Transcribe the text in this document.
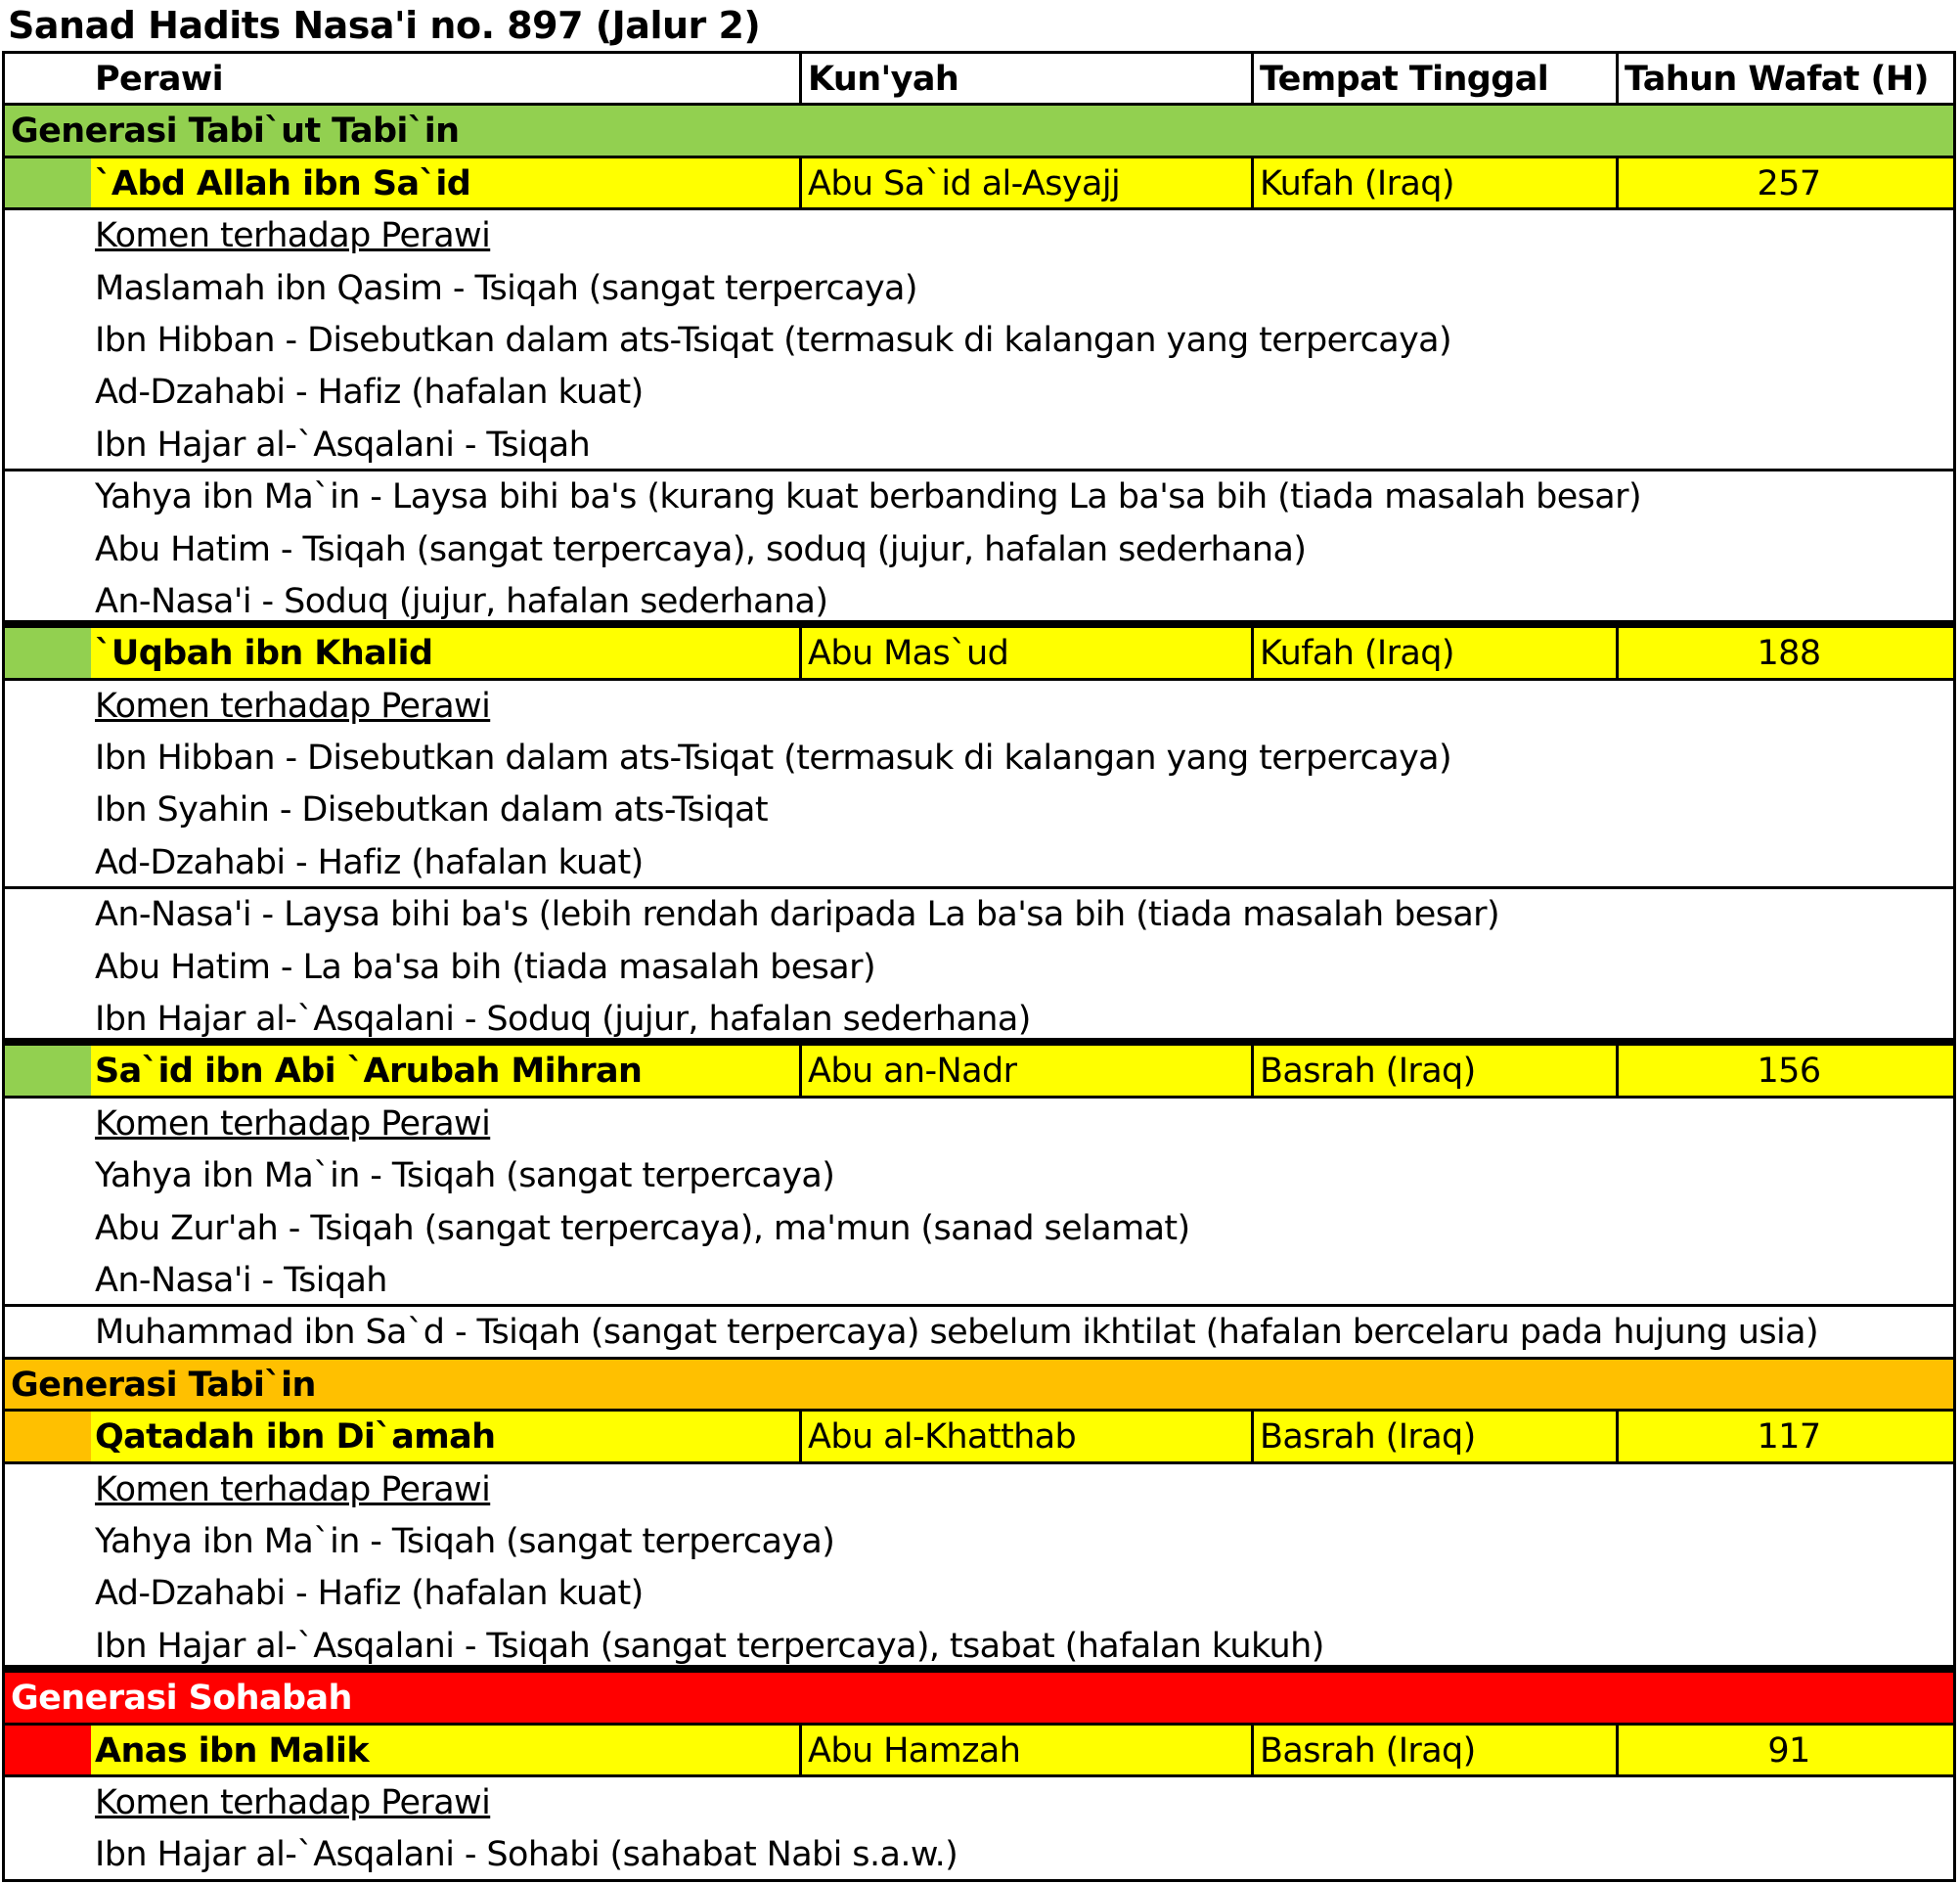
Sanad Hadits Nasa'i no. 897 (Jalur 2)
Perawi	Kun'yah	Tempat Tinggal	Tahun Wafat (H)
Generasi Tabi`ut Tabi`in
`Abd Allah ibn Sa`id	Abu Sa`id al-Asyajj	Kufah (Iraq)	257
Komen terhadap Perawi
Maslamah ibn Qasim - Tsiqah (sangat terpercaya)
Ibn Hibban - Disebutkan dalam ats-Tsiqat (termasuk di kalangan yang terpercaya)
Ad-Dzahabi - Hafiz (hafalan kuat)
Ibn Hajar al-`Asqalani - Tsiqah
Yahya ibn Ma`in - Laysa bihi ba's (kurang kuat berbanding La ba'sa bih (tiada masalah besar)
Abu Hatim - Tsiqah (sangat terpercaya), soduq (jujur, hafalan sederhana)
An-Nasa'i - Soduq (jujur, hafalan sederhana)
`Uqbah ibn Khalid	Abu Mas`ud	Kufah (Iraq)	188
Komen terhadap Perawi
Ibn Hibban - Disebutkan dalam ats-Tsiqat (termasuk di kalangan yang terpercaya)
Ibn Syahin - Disebutkan dalam ats-Tsiqat
Ad-Dzahabi - Hafiz (hafalan kuat)
An-Nasa'i - Laysa bihi ba's (lebih rendah daripada La ba'sa bih (tiada masalah besar)
Abu Hatim - La ba'sa bih (tiada masalah besar)
Ibn Hajar al-`Asqalani - Soduq (jujur, hafalan sederhana)
Sa`id ibn Abi `Arubah Mihran	Abu an-Nadr	Basrah (Iraq)	156
Komen terhadap Perawi
Yahya ibn Ma`in - Tsiqah (sangat terpercaya)
Abu Zur'ah - Tsiqah (sangat terpercaya), ma'mun (sanad selamat)
An-Nasa'i - Tsiqah
Muhammad ibn Sa`d - Tsiqah (sangat terpercaya) sebelum ikhtilat (hafalan bercelaru pada hujung usia)
Generasi Tabi`in
Qatadah ibn Di`amah	Abu al-Khatthab	Basrah (Iraq)	117
Komen terhadap Perawi
Yahya ibn Ma`in - Tsiqah (sangat terpercaya)
Ad-Dzahabi - Hafiz (hafalan kuat)
Ibn Hajar al-`Asqalani - Tsiqah (sangat terpercaya), tsabat (hafalan kukuh)
Generasi Sohabah
Anas ibn Malik	Abu Hamzah	Basrah (Iraq)	91
Komen terhadap Perawi
Ibn Hajar al-`Asqalani - Sohabi (sahabat Nabi s.a.w.)
